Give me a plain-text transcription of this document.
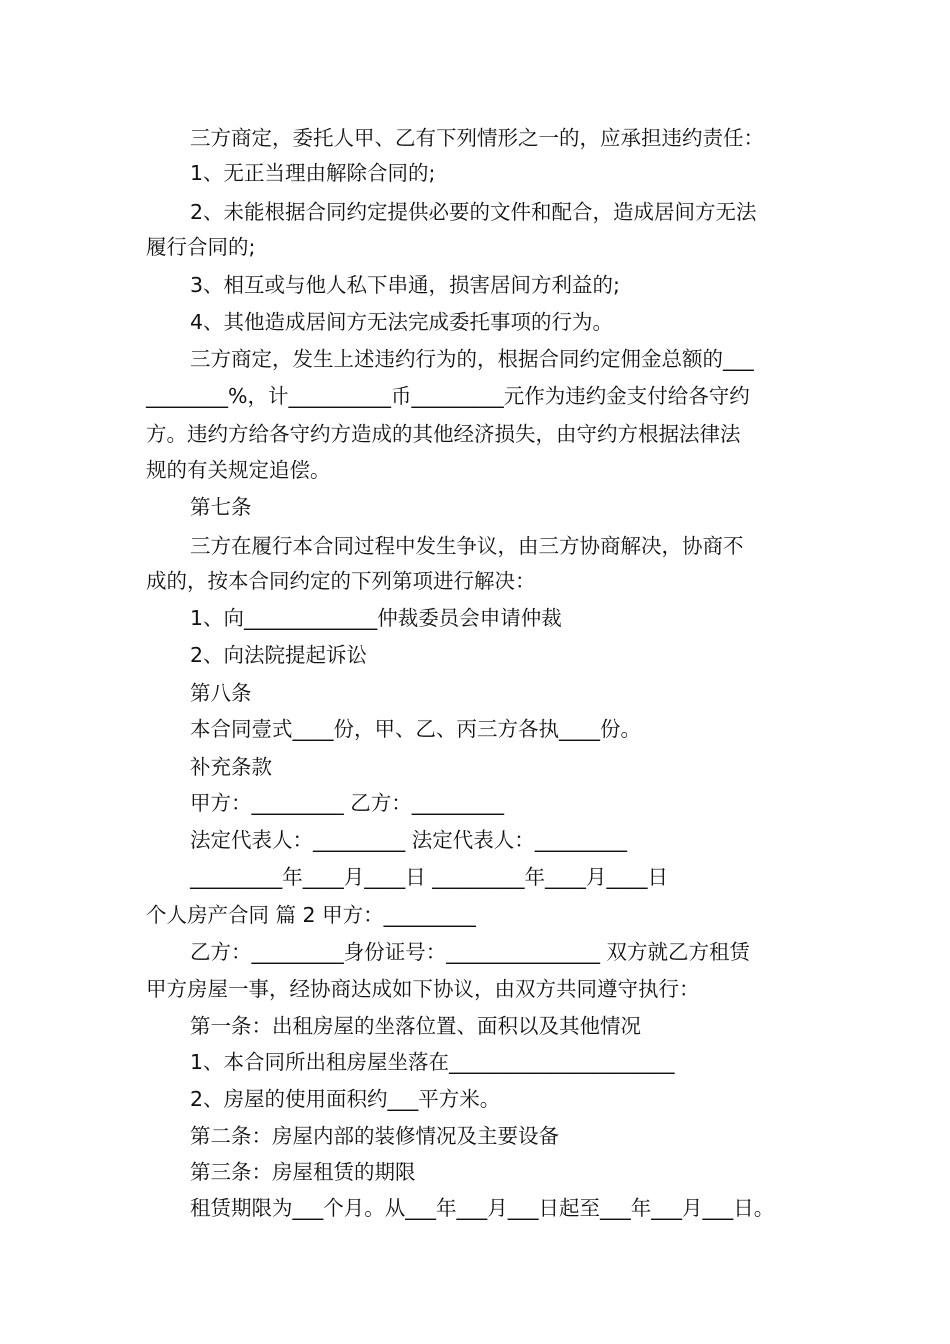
三方商定，委托人甲、乙有下列情形之一的，应承担违约责任：
1、无正当理由解除合同的;
2、未能根据合同约定提供必要的文件和配合，造成居间方无法
履行合同的;
3、相互或与他人私下串通，损害居间方利益的;
4、其他造成居间方无法完成委托事项的行为。
三方商定，发生上述违约行为的，根据合同约定佣金总额的___
________%，计__________币_________元作为违约金支付给各守约
方。违约方给各守约方造成的其他经济损失，由守约方根据法律法
规的有关规定追偿。
第七条
三方在履行本合同过程中发生争议，由三方协商解决，协商不
成的，按本合同约定的下列第项进行解决：
1、向_____________仲裁委员会申请仲裁
2、向法院提起诉讼
第八条
本合同壹式____份，甲、乙、丙三方各执____份。
补充条款
甲方：_________ 乙方：_________
法定代表人：_________ 法定代表人：_________
_________年____月____日 _________年____月____日
个人房产合同 篇 2 甲方：_________
乙方：_________身份证号：_______________ 双方就乙方租赁
甲方房屋一事，经协商达成如下协议，由双方共同遵守执行：
第一条：出租房屋的坐落位置、面积以及其他情况
1、本合同所出租房屋坐落在______________________
2、房屋的使用面积约___平方米。
第二条：房屋内部的装修情况及主要设备
第三条：房屋租赁的期限
租赁期限为___个月。从___年___月___日起至___年___月___日。
